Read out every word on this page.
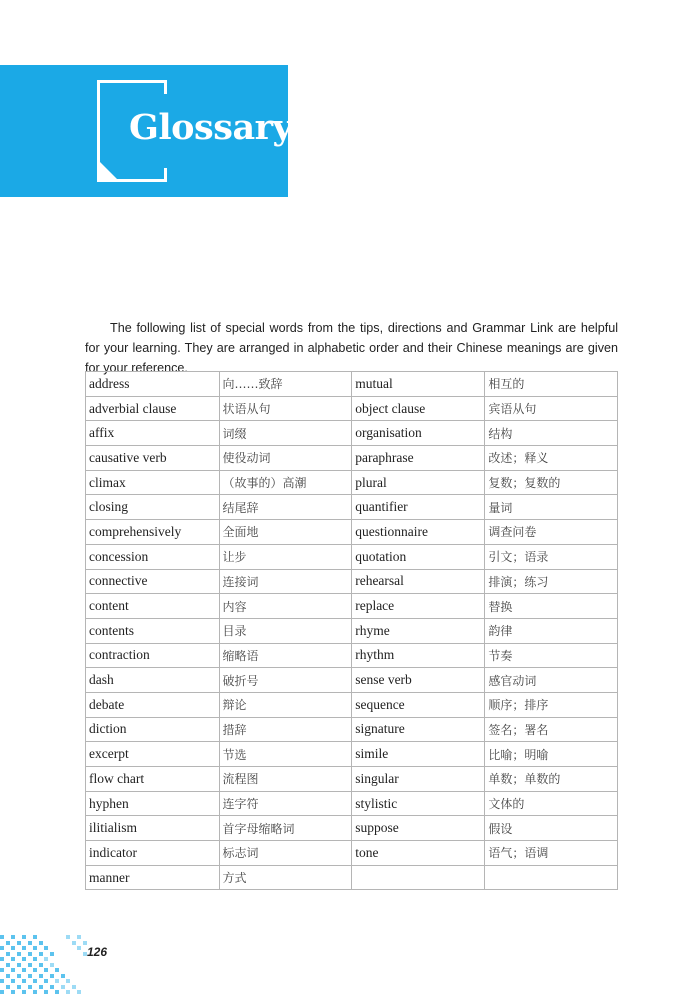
Glossary

The following list of special words from the tips, directions and Grammar Link are helpful for your learning. They are arranged in alphabetic order and their Chinese meanings are given for your reference.

address	向……致辞	mutual	相互的
adverbial clause	状语从句	object clause	宾语从句
affix	词缀	organisation	结构
causative verb	使役动词	paraphrase	改述；释义
climax	（故事的）高潮	plural	复数；复数的
closing	结尾辞	quantifier	量词
comprehensively	全面地	questionnaire	调查问卷
concession	让步	quotation	引文；语录
connective	连接词	rehearsal	排演；练习
content	内容	replace	替换
contents	目录	rhyme	韵律
contraction	缩略语	rhythm	节奏
dash	破折号	sense verb	感官动词
debate	辩论	sequence	顺序；排序
diction	措辞	signature	签名；署名
excerpt	节选	simile	比喻；明喻
flow chart	流程图	singular	单数；单数的
hyphen	连字符	stylistic	文体的
ilitialism	首字母缩略词	suppose	假设
indicator	标志词	tone	语气；语调
manner	方式		
126
